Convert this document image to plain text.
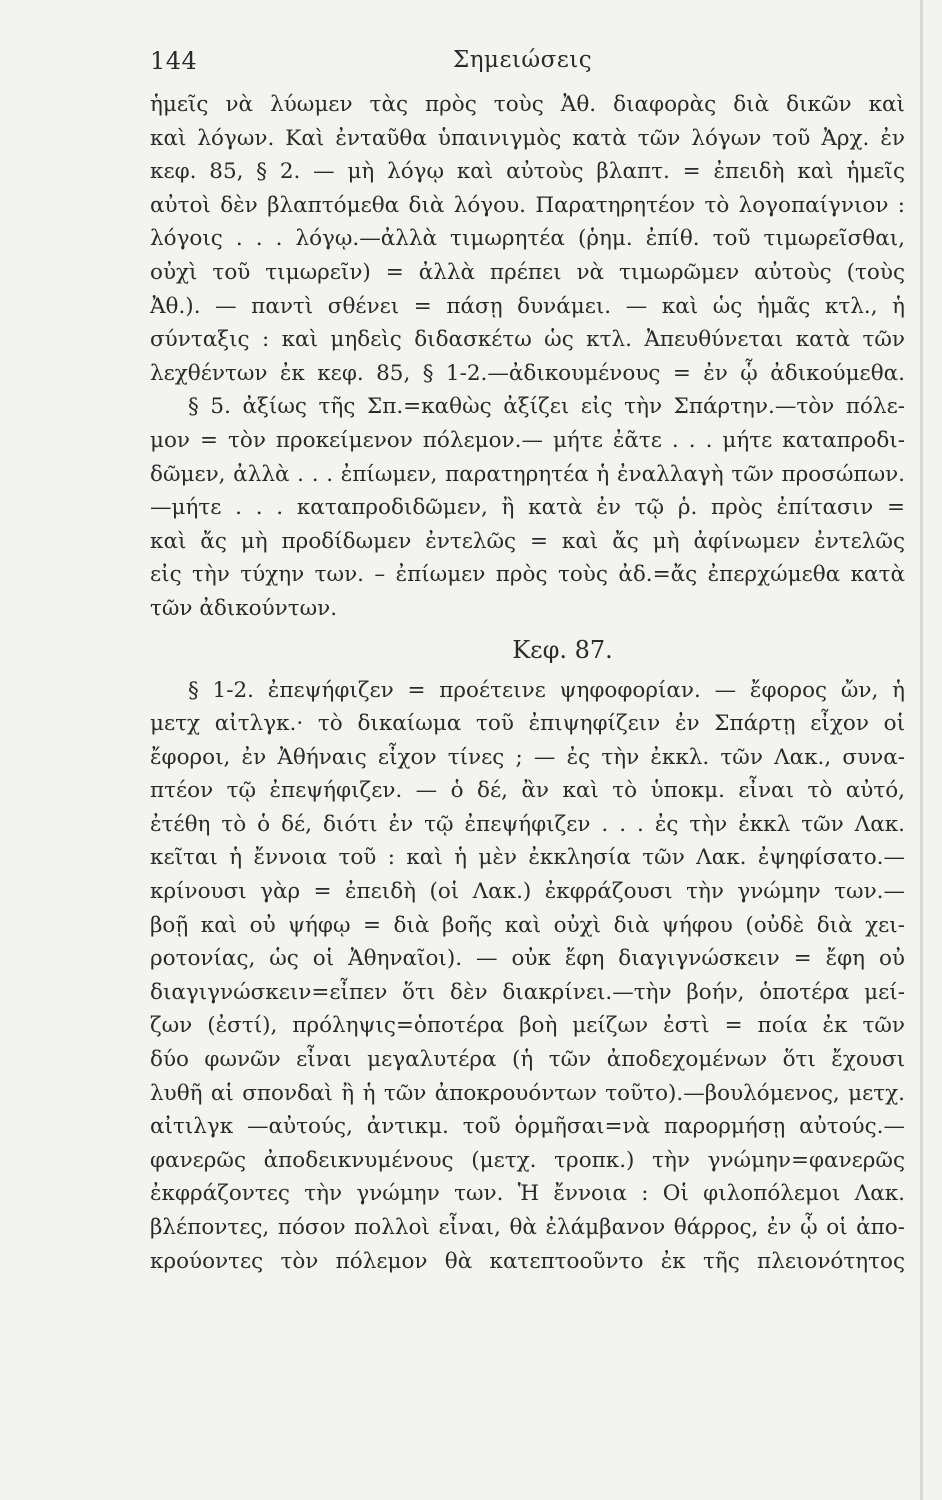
144	Σημειώσεις
ἡμεῖς νὰ λύωμεν τὰς πρὸς τοὺς Ἀθ. διαφορὰς διὰ δικῶν καὶ
καὶ λόγων. Καὶ ἐνταῦθα ὑπαινιγμὸς κατὰ τῶν λόγων τοῦ Ἀρχ. ἐν
κεφ. 85, § 2. — μὴ λόγῳ καὶ αὐτοὺς βλαπτ. = ἐπειδὴ καὶ ἡμεῖς
αὐτοὶ δὲν βλαπτόμεθα διὰ λόγου. Παρατηρητέον τὸ λογοπαίγνιον :
λόγοις . . . λόγῳ.—ἀλλὰ τιμωρητέα (ῥημ. ἐπίθ. τοῦ τιμωρεῖσθαι,
οὐχὶ τοῦ τιμωρεῖν) = ἀλλὰ πρέπει νὰ τιμωρῶμεν αὐτοὺς (τοὺς
Ἀθ.). — παντὶ σθένει = πάσῃ δυνάμει. — καὶ ὡς ἡμᾶς κτλ., ἡ
σύνταξις : καὶ μηδεὶς διδασκέτω ὡς κτλ. Ἀπευθύνεται κατὰ τῶν
λεχθέντων ἐκ κεφ. 85, § 1-2.—ἀδικουμένους = ἐν ᾧ ἀδικούμεθα.
§ 5. ἀξίως τῆς Σπ.=καθὼς ἀξίζει εἰς τὴν Σπάρτην.—τὸν πόλε-
μον = τὸν προκείμενον πόλεμον.— μήτε ἐᾶτε . . . μήτε καταπροδι-
δῶμεν, ἀλλὰ . . . ἐπίωμεν, παρατηρητέα ἡ ἐναλλαγὴ τῶν προσώπων.
—μήτε . . . καταπροδιδῶμεν, ἢ κατὰ ἐν τῷ ῥ. πρὸς ἐπίτασιν =
καὶ ἄς μὴ προδίδωμεν ἐντελῶς = καὶ ἄς μὴ ἀφίνωμεν ἐντελῶς
εἰς τὴν τύχην των. – ἐπίωμεν πρὸς τοὺς ἀδ.=ἄς ἐπερχώμεθα κατὰ
τῶν ἀδικούντων.
Κεφ. 87.
§ 1-2. ἐπεψήφιζεν = προέτεινε ψηφοφορίαν. — ἔφορος ὤν, ἡ
μετχ αἰτλγκ.· τὸ δικαίωμα τοῦ ἐπιψηφίζειν ἐν Σπάρτῃ εἶχον οἱ
ἔφοροι, ἐν Ἀθήναις εἶχον τίνες ; — ἐς τὴν ἐκκλ. τῶν Λακ., συνα-
πτέον τῷ ἐπεψήφιζεν. — ὁ δέ, ἂν καὶ τὸ ὑποκμ. εἶναι τὸ αὐτό,
ἐτέθη τὸ ὁ δέ, διότι ἐν τῷ ἐπεψήφιζεν . . . ἐς τὴν ἐκκλ τῶν Λακ.
κεῖται ἡ ἔννοια τοῦ : καὶ ἡ μὲν ἐκκλησία τῶν Λακ. ἐψηφίσατο.—
κρίνουσι γὰρ = ἐπειδὴ (οἱ Λακ.) ἐκφράζουσι τὴν γνώμην των.—
βοῇ καὶ οὐ ψήφῳ = διὰ βοῆς καὶ οὐχὶ διὰ ψήφου (οὐδὲ διὰ χει-
ροτονίας, ὡς οἱ Ἀθηναῖοι). — οὐκ ἔφη διαγιγνώσκειν = ἔφη οὐ
διαγιγνώσκειν=εἶπεν ὅτι δὲν διακρίνει.—τὴν βοήν, ὁποτέρα μεί-
ζων (ἐστί), πρόληψις=ὁποτέρα βοὴ μείζων ἐστὶ = ποία ἐκ τῶν
δύο φωνῶν εἶναι μεγαλυτέρα (ἡ τῶν ἀποδεχομένων ὅτι ἔχουσι
λυθῆ αἱ σπονδαὶ ἢ ἡ τῶν ἀποκρουόντων τοῦτο).—βουλόμενος, μετχ.
αἰτιλγκ —αὐτούς, ἀντικμ. τοῦ ὁρμῆσαι=νὰ παρορμήσῃ αὐτούς.—
φανερῶς ἀποδεικνυμένους (μετχ. τροπκ.) τὴν γνώμην=φανερῶς
ἐκφράζοντες τὴν γνώμην των. Ἡ ἔννοια : Οἱ φιλοπόλεμοι Λακ.
βλέποντες, πόσον πολλοὶ εἶναι, θὰ ἐλάμβανον θάρρος, ἐν ᾧ οἱ ἀπο-
κρούοντες τὸν πόλεμον θὰ κατεπτοοῦντο ἐκ τῆς πλειονότητος
